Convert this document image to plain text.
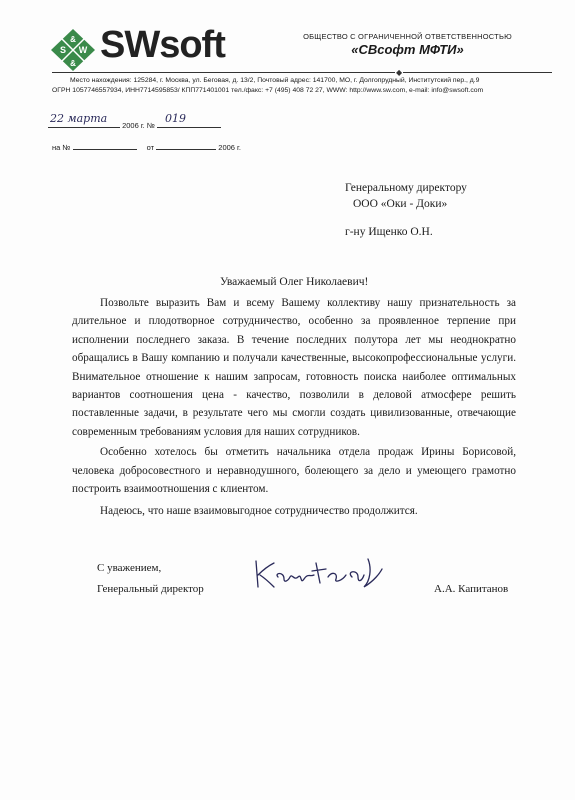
&
S W
& SWsoft	ОБЩЕСТВО С ОГРАНИЧЕННОЙ ОТВЕТСТВЕННОСТЬЮ
«СВсофт МФТИ»
◆
Место нахождения: 125284, г. Москва, ул. Беговая, д. 13/2, Почтовый адрес: 141700, МО, г. Долгопрудный, Институтский пер., д.9
ОГРН 1057746557934, ИНН7714595853/ КПП771401001 тел./факс: +7 (495) 408 72 27, WWW: http://www.sw.com, e-mail: info@swsoft.com
22 марта
2006 г. №
019
на №	от	2006 г.
Генеральному директору
ООО «Оки - Доки»
г-ну Ищенко О.Н.
Уважаемый Олег Николаевич!

Позвольте выразить Вам и всему Вашему коллективу нашу признательность за длительное и плодотворное сотрудничество, особенно за проявленное терпение при исполнении последнего заказа. В течение последних полутора лет мы неоднократно обращались в Вашу компанию и получали качественные, высокопрофессиональные услуги. Внимательное отношение к нашим запросам, готовность поиска наиболее оптимальных вариантов соотношения цена - качество, позволили в деловой атмосфере решить поставленные задачи, в результате чего мы смогли создать цивилизованные, отвечающие современным требованиям условия для наших сотрудников.

Особенно хотелось бы отметить начальника отдела продаж Ирины Борисовой, человека добросовестного и неравнодушного, болеющего за дело и умеющего грамотно построить взаимоотношения с клиентом.

Надеюсь, что наше взаимовыгодное сотрудничество продолжится.

С уважением,
Генеральный директор	А.А. Капитанов
